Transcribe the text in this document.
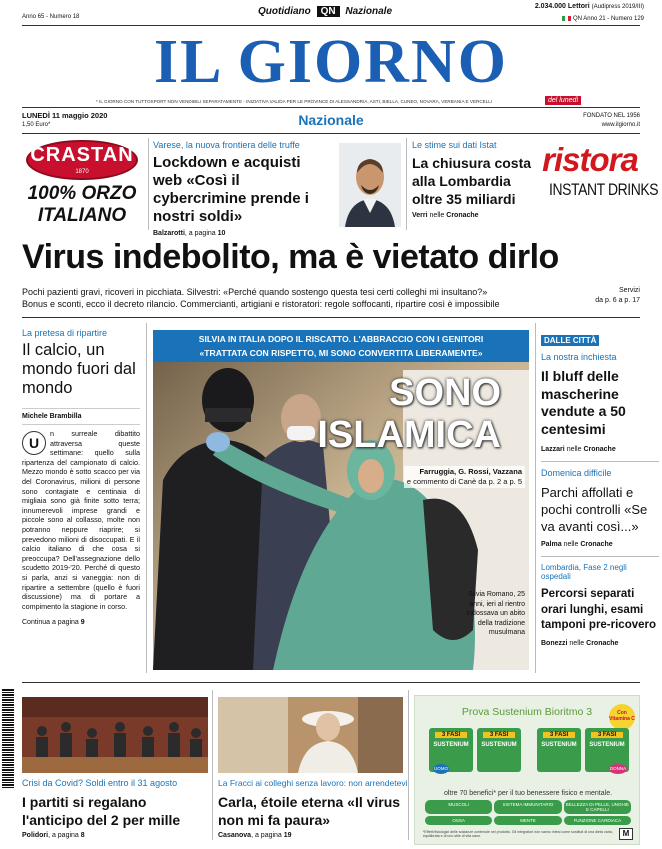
Anno 65 - Numero 18	Quotidiano QN Nazionale	2.034.000 Lettori (Audipress 2019/III)
QN Anno 21 - Numero 129
IL GIORNO
* IL GIORNO CON TUTTOSPORT NON VENDIBILI SEPARATAMENTE - INIZIATIVA VALIDA PER LE PROVINCE DI ALESSANDRIA, ASTI, BIELLA, CUNEO, NOVARA, VERBANIA E VERCELLI	del lunedì
LUNEDÌ 11 maggio 2020
1,50 Euro*	Nazionale	FONDATO NEL 1956
www.ilgiorno.it
CRASTAN
1870
100% ORZO
ITALIANO
Varese, la nuova frontiera delle truffe
Lockdown e acquisti web «Così il cybercrimine prende i nostri soldi»
Balzarotti, a pagina 10
Le stime sui dati Istat
La chiusura costa alla Lombardia oltre 35 miliardi
Verri nelle Cronache
ristora
INSTANT DRINKS
Virus indebolito, ma è vietato dirlo
Pochi pazienti gravi, ricoveri in picchiata. Silvestri: «Perché quando sostengo questa tesi certi colleghi mi insultano?»
Bonus e sconti, ecco il decreto rilancio. Commercianti, artigiani e ristoratori: regole soffocanti, ripartire così è impossibile
Servizi
da p. 6 a p. 17
La pretesa di ripartire
Il calcio, un mondo fuori dal mondo
Michele Brambilla
U
n surreale dibattito attraversa queste settimane: quello sulla ripartenza del campionato di calcio. Mezzo mondo è sotto scacco per via del Coronavirus, milioni di persone sono contagiate e centinaia di migliaia sono già finite sotto terra; innumerevoli imprese grandi e piccole sono al collasso, molte non potranno neppure riaprire; si prevedono milioni di disoccupati. E il calcio italiano di che cosa si preoccupa? Dell'assegnazione dello scudetto 2019-'20. Perché di questo si parla, anzi si vaneggia: non di ripartire a settembre (quello è fuori discussione) ma di portare a compimento la stagione in corso.
Continua a pagina 9
SILVIA IN ITALIA DOPO IL RISCATTO. L'ABBRACCIO CON I GENITORI
«TRATTATA CON RISPETTO, MI SONO CONVERTITA LIBERAMENTE»
SONO
ISLAMICA
Farruggia, G. Rossi, Vazzana
e commento di Canè da p. 2 a p. 5
Silvia Romano, 25 anni, ieri al rientro indossava un abito della tradizione musulmana
DALLE CITTÀ
La nostra inchiesta
Il bluff delle mascherine vendute a 50 centesimi
Lazzari nelle Cronache
Domenica difficile
Parchi affollati e pochi controlli «Se va avanti così...»
Palma nelle Cronache
Lombardia, Fase 2 negli ospedali
Percorsi separati orari lunghi, esami tamponi pre-ricovero
Bonezzi nelle Cronache
Crisi da Covid? Soldi entro il 31 agosto
I partiti si regalano l'anticipo del 2 per mille
Polidori, a pagina 8
La Fracci ai colleghi senza lavoro: non arrendetevi
Carla, étoile eterna «Il virus non mi fa paura»
Casanova, a pagina 19
Prova Sustenium Bioritmo 3	Con Vitamina C
3 FASI
SUSTENIUM
3 FASI
SUSTENIUM
3 FASI
SUSTENIUM
3 FASI
SUSTENIUM
UOMO	DONNA
oltre 70 benefici* per il tuo benessere fisico e mentale.
MUSCOLI	SISTEMA IMMUNITARIO	BELLEZZA DI PELLE, UNGHIE E CAPELLI
OSSA	MENTE	FUNZIONE CARDIACA
*Effetti fisiologici delle sostanze contenute nel prodotto. Gli integratori non vanno intesi come sostituti di una dieta varia, equilibrata e di uno stile di vita sano.	M
